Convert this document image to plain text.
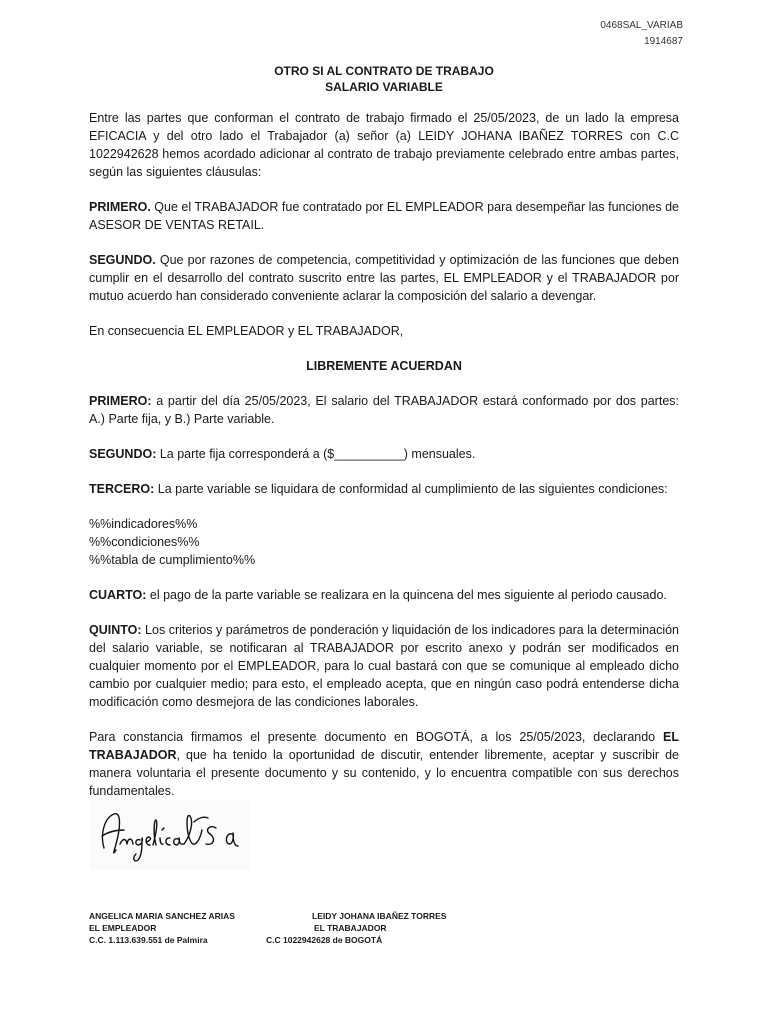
0468SAL_VARIAB
1914687
OTRO SI AL CONTRATO DE TRABAJO
SALARIO VARIABLE

Entre las partes que conforman el contrato de trabajo firmado el 25/05/2023, de un lado la empresa EFICACIA y del otro lado el Trabajador (a) señor (a) LEIDY JOHANA IBAÑEZ TORRES con C.C 1022942628 hemos acordado adicionar al contrato de trabajo previamente celebrado entre ambas partes, según las siguientes cláusulas:

PRIMERO. Que el TRABAJADOR fue contratado por EL EMPLEADOR para desempeñar las funciones de ASESOR DE VENTAS RETAIL.

SEGUNDO. Que por razones de competencia, competitividad y optimización de las funciones que deben cumplir en el desarrollo del contrato suscrito entre las partes, EL EMPLEADOR y el TRABAJADOR por mutuo acuerdo han considerado conveniente aclarar la composición del salario a devengar.

En consecuencia EL EMPLEADOR y EL TRABAJADOR,

LIBREMENTE ACUERDAN

PRIMERO: a partir del día 25/05/2023, El salario del TRABAJADOR estará conformado por dos partes: A.) Parte fija, y B.) Parte variable.

SEGUNDO: La parte fija corresponderá a ($__________) mensuales.

TERCERO: La parte variable se liquidara de conformidad al cumplimiento de las siguientes condiciones:

%%indicadores%%
%%condiciones%%
%%tabla de cumplimiento%%

CUARTO: el pago de la parte variable se realizara en la quincena del mes siguiente al periodo causado.

QUINTO: Los criterios y parámetros de ponderación y liquidación de los indicadores para la determinación del salario variable, se notificaran al TRABAJADOR por escrito anexo y podrán ser modificados en cualquier momento por el EMPLEADOR, para lo cual bastará con que se comunique al empleado dicho cambio por cualquier medio; para esto, el empleado acepta, que en ningún caso podrá entenderse dicha modificación como desmejora de las condiciones laborales.

Para constancia firmamos el presente documento en BOGOTÁ, a los 25/05/2023, declarando EL TRABAJADOR, que ha tenido la oportunidad de discutir, entender libremente, aceptar y suscribir de manera voluntaria el presente documento y su contenido, y lo encuentra compatible con sus derechos fundamentales.

ANGELICA MARIA SANCHEZ ARIAS
EL EMPLEADOR
C.C. 1.113.639.551 de Palmira
LEIDY JOHANA IBAÑEZ TORRES
EL TRABAJADOR
C.C 1022942628 de BOGOTÁ
